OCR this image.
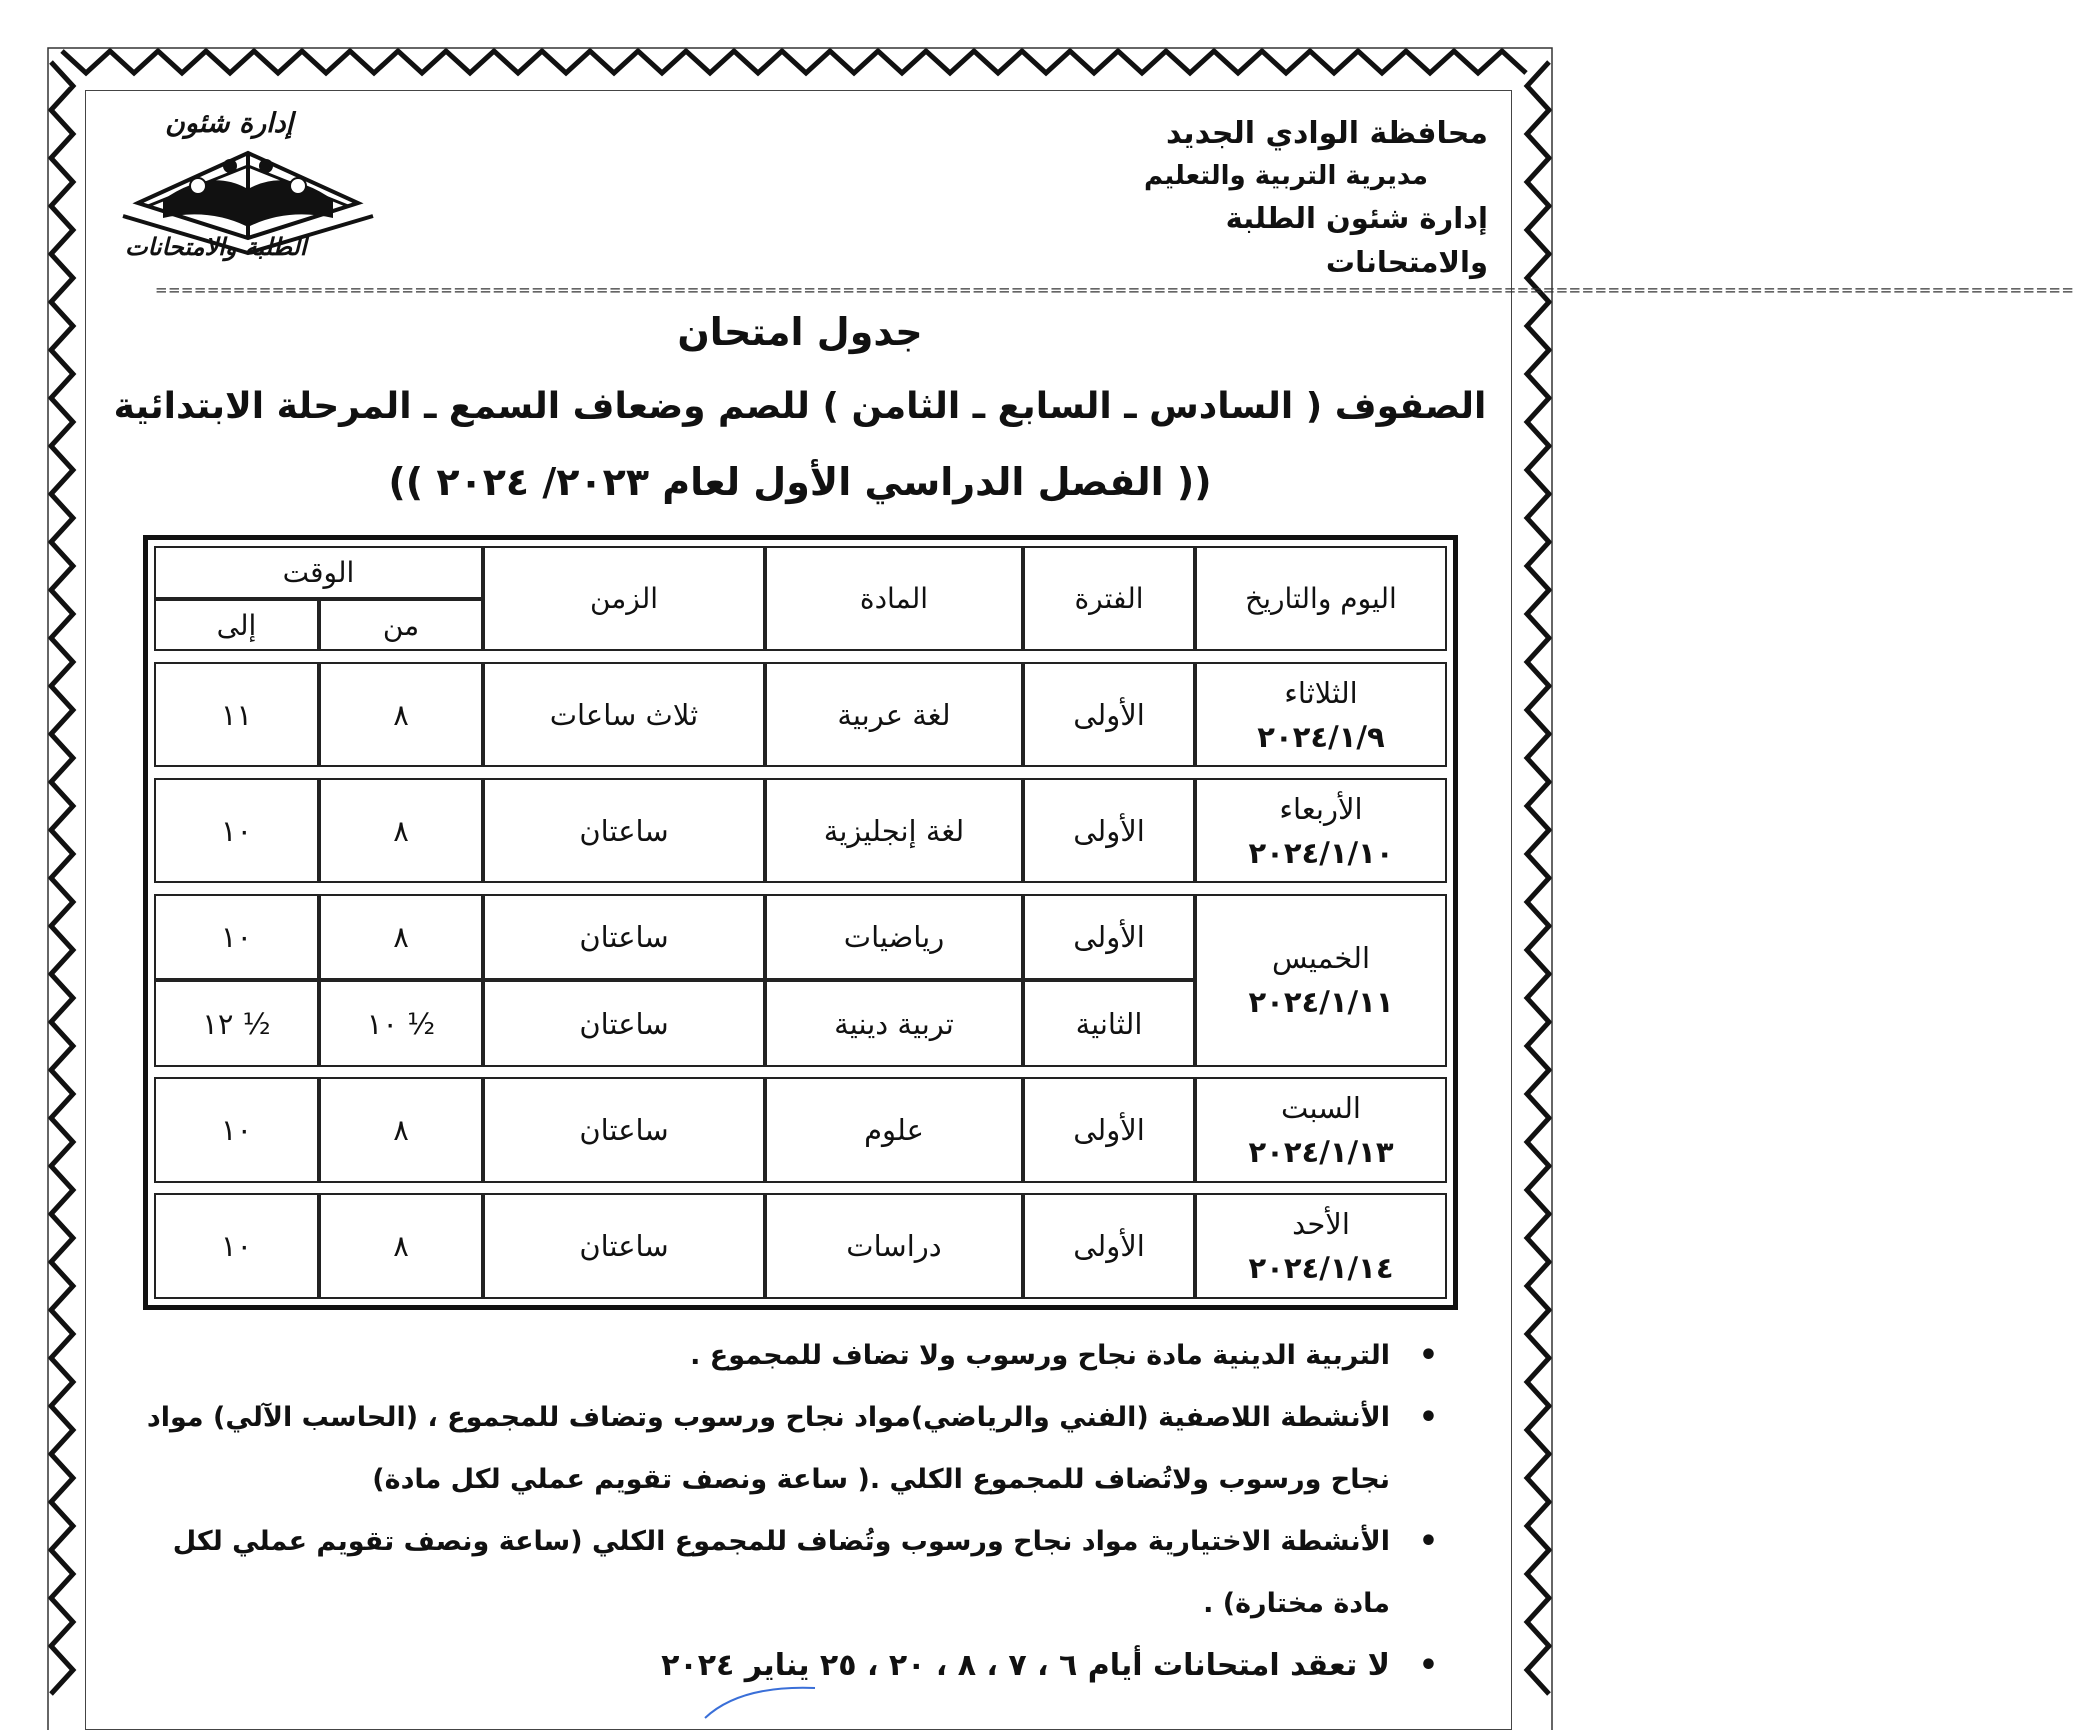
محافظة الوادي الجديد
مديرية التربية والتعليم
إدارة شئون الطلبة والامتحانات
إدارة شئون
الطلبة والامتحانات
====================================================================================================================================================
جدول امتحان
الصفوف ( السادس ـ السابع ـ الثامن ) للصم وضعاف السمع ـ المرحلة الابتدائية
(( الفصل الدراسي الأول لعام ٢٠٢٣/ ٢٠٢٤ ))
اليوم والتاريخ	الفترة	المادة	الزمن	الوقت	
				من	إلى

الثلاثاء
٢٠٢٤/١/٩	الأولى	لغة عربية	ثلاث ساعات	٨	١١

الأربعاء
٢٠٢٤/١/١٠	الأولى	لغة إنجليزية	ساعتان	٨	١٠

الخميس
٢٠٢٤/١/١١	الأولى	رياضيات	ساعتان	٨	١٠
	الثانية	تربية دينية	ساعتان	½ ١٠	½ ١٢

السبت
٢٠٢٤/١/١٣	الأولى	علوم	ساعتان	٨	١٠

الأحد
٢٠٢٤/١/١٤	الأولى	دراسات	ساعتان	٨	١٠
•
التربية الدينية مادة نجاح ورسوب ولا تضاف للمجموع .
•
الأنشطة اللاصفية (الفني والرياضي)مواد نجاح ورسوب وتضاف للمجموع ، (الحاسب الآلي) مواد نجاح ورسوب ولاتُضاف للمجموع الكلي .( ساعة ونصف تقويم عملي لكل مادة)
•
الأنشطة الاختيارية مواد نجاح ورسوب وتُضاف للمجموع الكلي (ساعة ونصف تقويم عملي لكل مادة مختارة) .
•
لا تعقد امتحانات أيام ٦ ، ٧ ، ٨ ، ٢٠ ، ٢٥ يناير ٢٠٢٤
